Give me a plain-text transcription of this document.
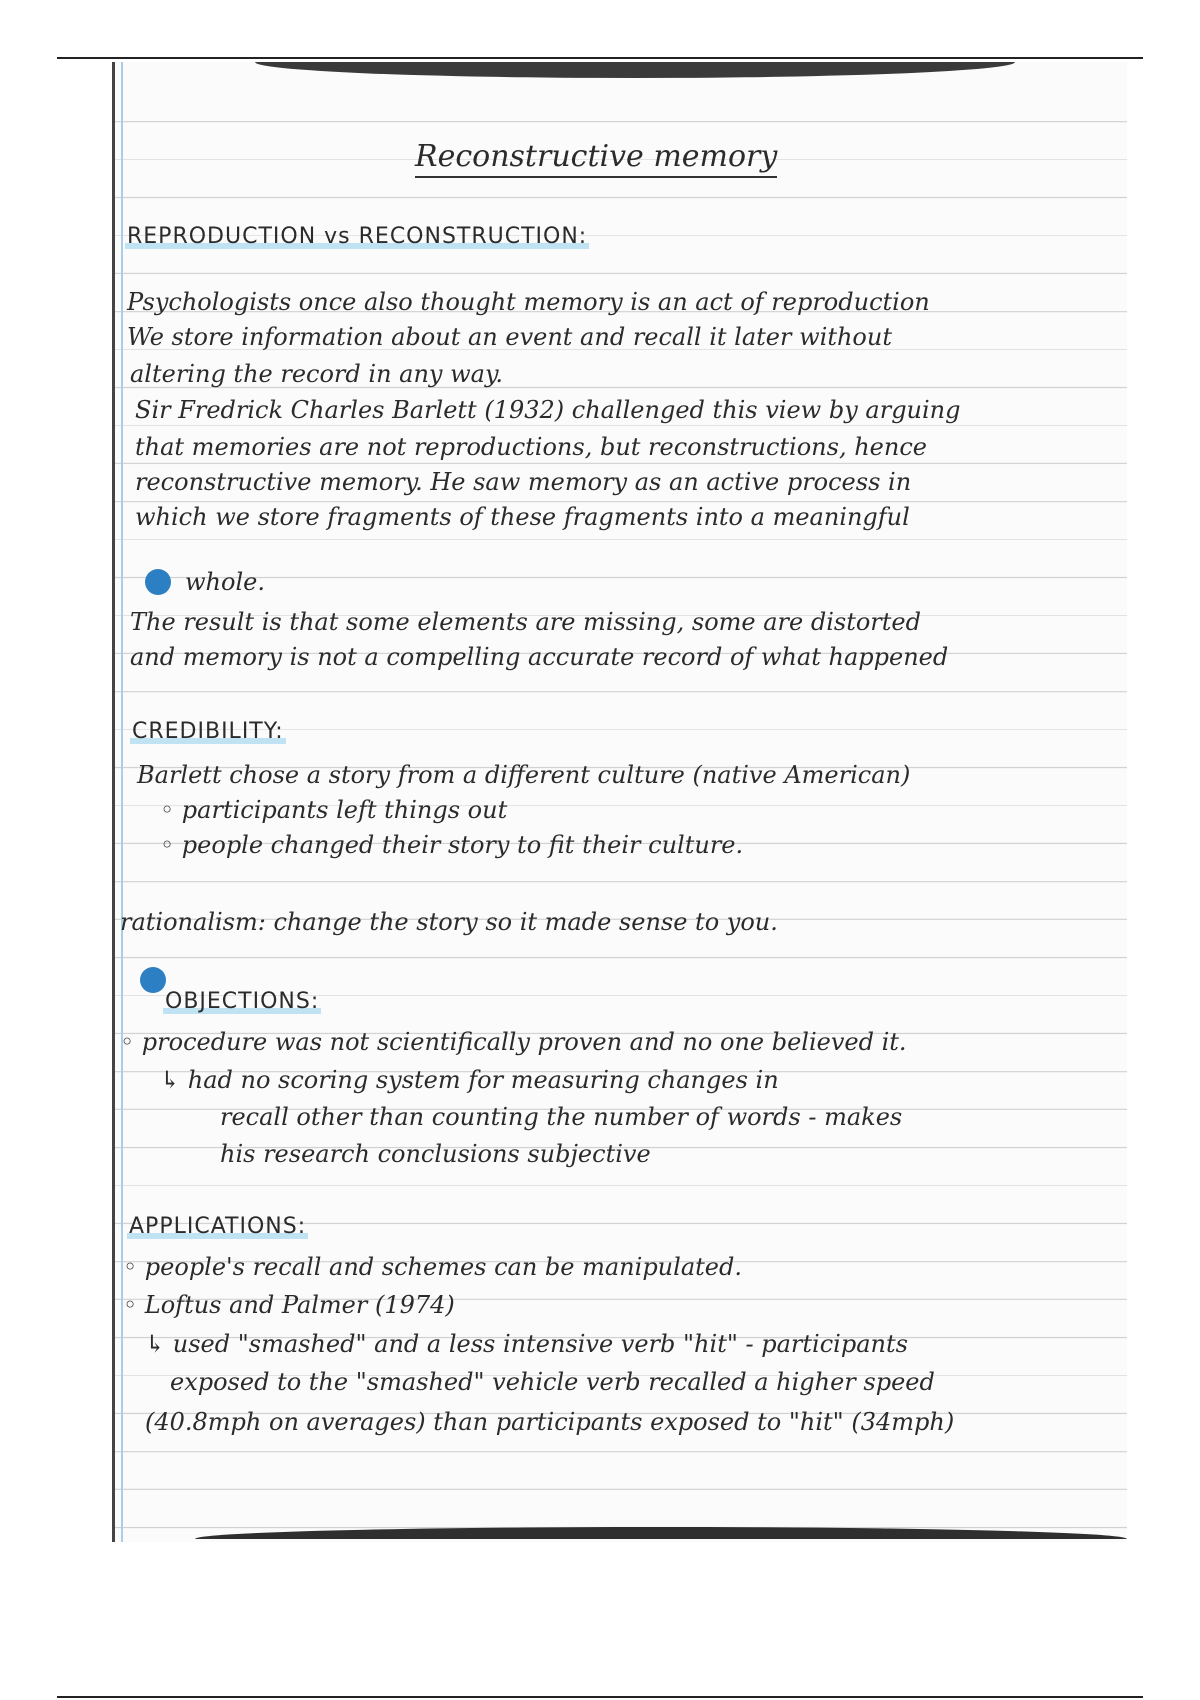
Reconstructive memory
REPRODUCTION vs RECONSTRUCTION:
Psychologists once also thought memory is an act of reproduction
We store information about an event and recall it later without
altering the record in any way.
Sir Fredrick Charles Barlett (1932) challenged this view by arguing
that memories are not reproductions, but reconstructions, hence
reconstructive memory. He saw memory as an active process in
which we store fragments of these fragments into a meaningful
whole.
The result is that some elements are missing, some are distorted
and memory is not a compelling accurate record of what happened
CREDIBILITY:
Barlett chose a story from a different culture (native American)
◦ participants left things out
◦ people changed their story to fit their culture.
rationalism: change the story so it made sense to you.
OBJECTIONS:
◦ procedure was not scientifically proven and no one believed it.
↳ had no scoring system for measuring changes in
recall other than counting the number of words - makes
his research conclusions subjective
APPLICATIONS:
◦ people's recall and schemes can be manipulated.
◦ Loftus and Palmer (1974)
↳ used "smashed" and a less intensive verb "hit" - participants
exposed to the "smashed" vehicle verb recalled a higher speed
(40.8mph on averages) than participants exposed to "hit" (34mph)
